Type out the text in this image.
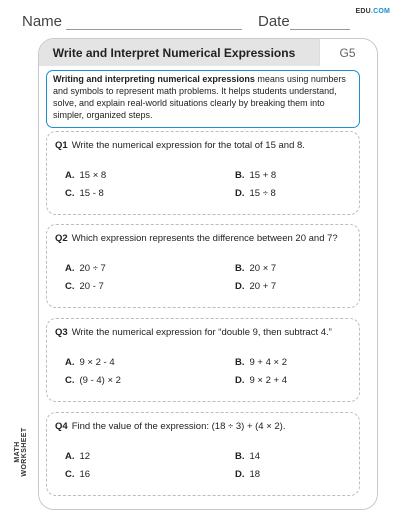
Name	Date
EDU.COM
Write and Interpret Numerical Expressions	G5
Writing and interpreting numerical expressions means using numbers and symbols to represent math problems. It helps students understand, solve, and explain real-world situations clearly by breaking them into simpler, organized steps.
Q1 Write the numerical expression for the total of 15 and 8.
A. 15 × 8	B. 15 + 8
C. 15 - 8	D. 15 ÷ 8
Q2 Which expression represents the difference between 20 and 7?
A. 20 ÷ 7	B. 20 × 7
C. 20 - 7	D. 20 + 7
Q3 Write the numerical expression for “double 9, then subtract 4.”
A. 9 × 2 - 4	B. 9 + 4 × 2
C. (9 - 4) × 2	D. 9 × 2 + 4
Q4 Find the value of the expression: (18 ÷ 3) + (4 × 2).
A. 12	B. 14
C. 16	D. 18
MATH WORKSHEET
